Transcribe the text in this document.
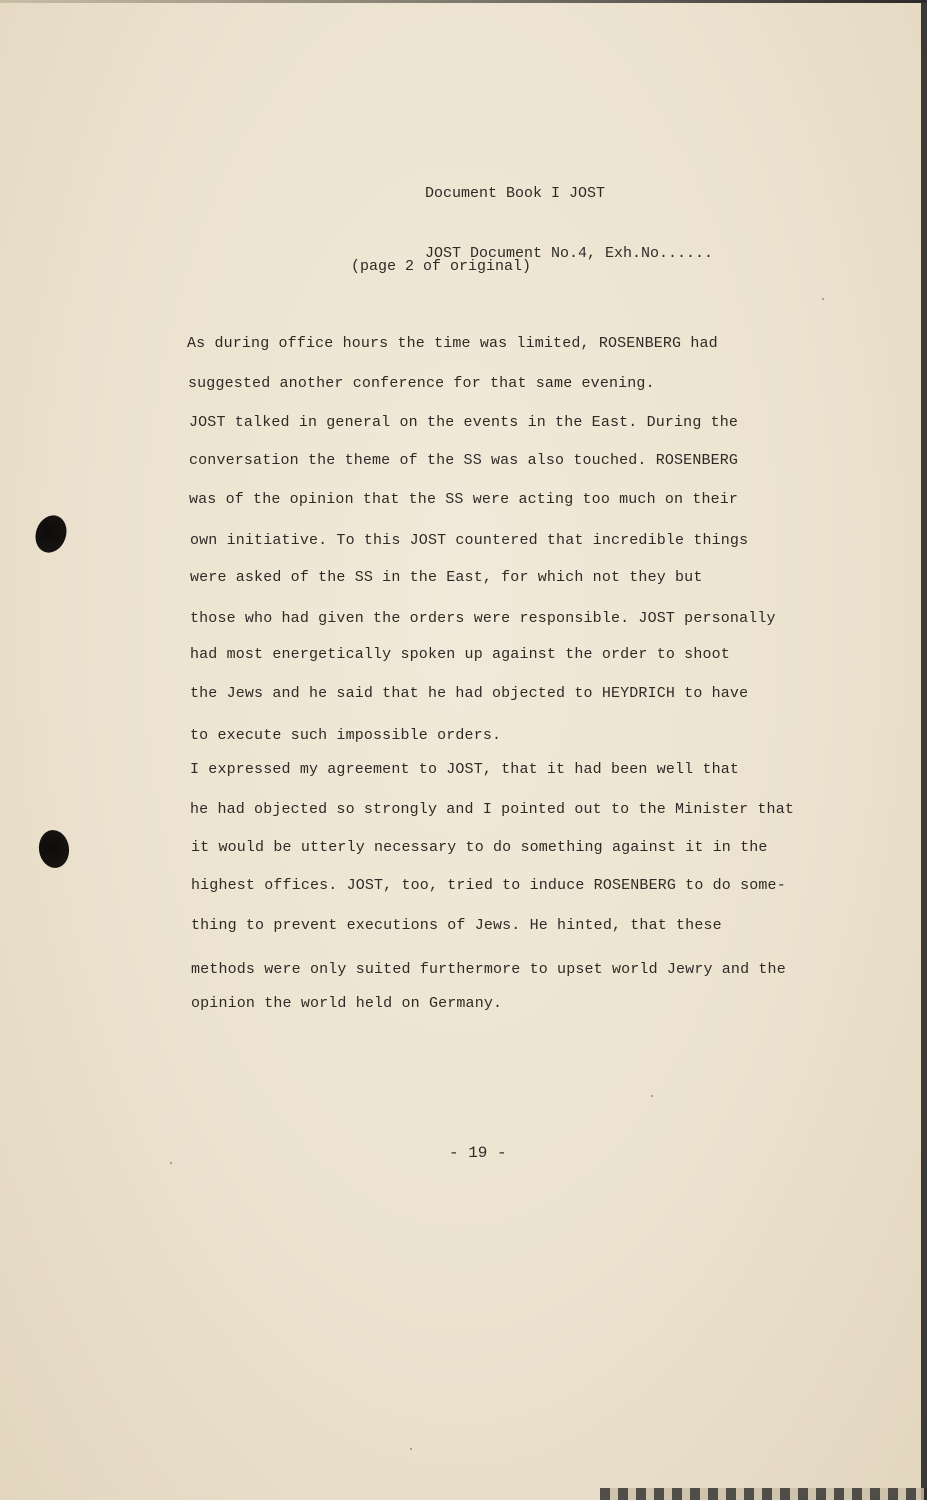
Document Book I JOST

JOST Document No.4, Exh.No......

(page 2 of original)
As during office hours the time was limited, ROSENBERG had
suggested another conference for that same evening.
JOST talked in general on the events in the East. During the
conversation the theme of the SS was also touched. ROSENBERG
was of the opinion that the SS were acting too much on their
own initiative. To this JOST countered that incredible things
were asked of the SS in the East, for which not they but
those who had given the orders were responsible. JOST personally
had most energetically spoken up against the order to shoot
the Jews and he said that he had objected to HEYDRICH to have
to execute such impossible orders.
I expressed my agreement to JOST, that it had been well that
he had objected so strongly and I pointed out to the Minister that
it would be utterly necessary to do something against it in the
highest offices. JOST, too, tried to induce ROSENBERG to do some-
thing to prevent executions of Jews. He hinted, that these
methods were only suited furthermore to upset world Jewry and the
opinion the world held on Germany.
- 19 -
